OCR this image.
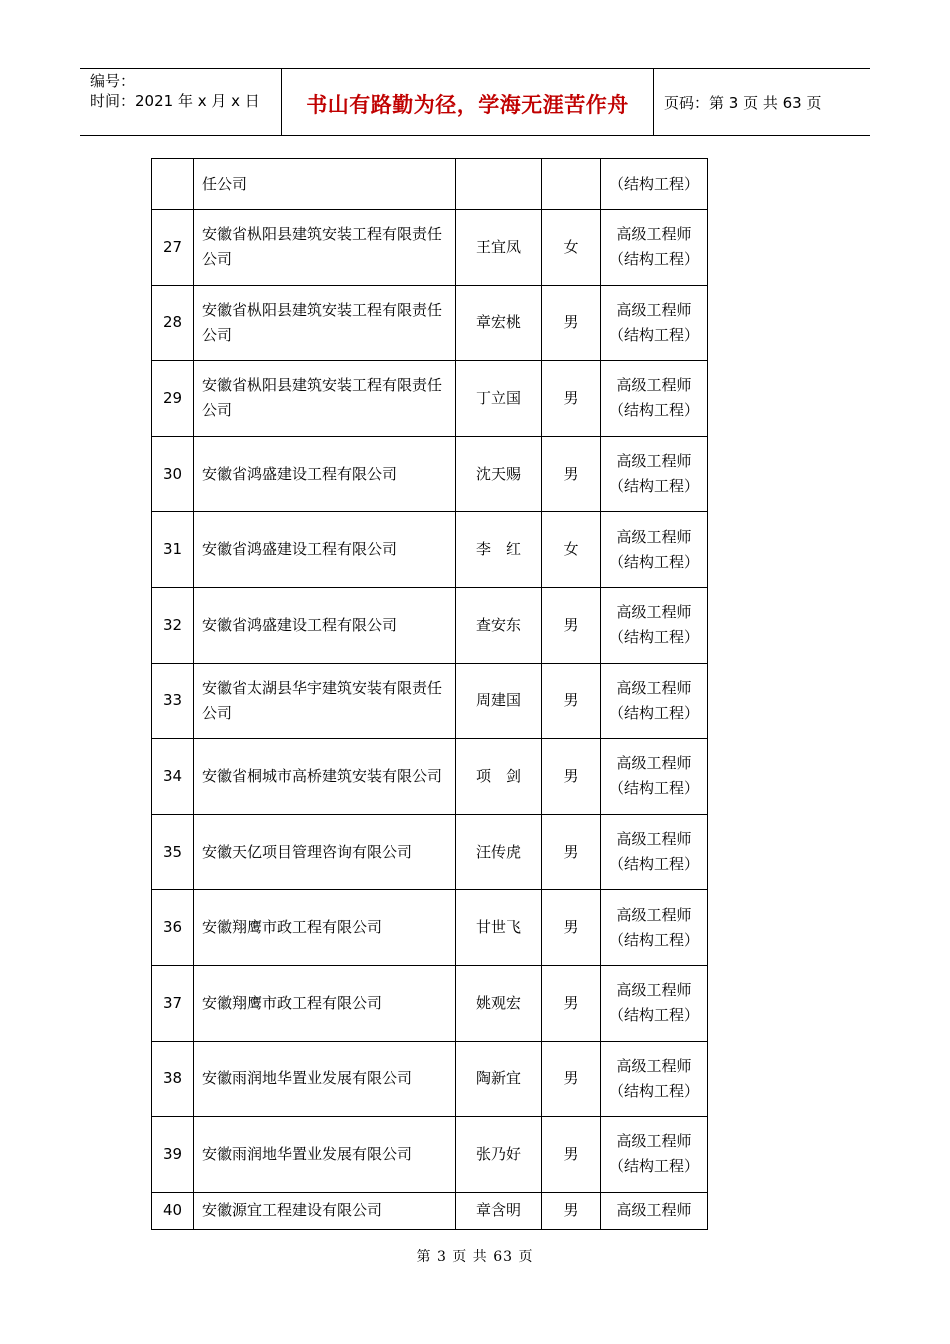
编号：
时间：2021 年 x 月 x 日	书山有路勤为径，学海无涯苦作舟	页码：第 3 页 共 63 页
	任公司			（结构工程）
27	安徽省枞阳县建筑安装工程有限责任公司	王宜凤	女	高级工程师（结构工程）
28	安徽省枞阳县建筑安装工程有限责任公司	章宏桃	男	高级工程师（结构工程）
29	安徽省枞阳县建筑安装工程有限责任公司	丁立国	男	高级工程师（结构工程）
30	安徽省鸿盛建设工程有限公司	沈天赐	男	高级工程师（结构工程）
31	安徽省鸿盛建设工程有限公司	李　红	女	高级工程师（结构工程）
32	安徽省鸿盛建设工程有限公司	查安东	男	高级工程师（结构工程）
33	安徽省太湖县华宇建筑安装有限责任公司	周建国	男	高级工程师（结构工程）
34	安徽省桐城市高桥建筑安装有限公司	项　剑	男	高级工程师（结构工程）
35	安徽天亿项目管理咨询有限公司	汪传虎	男	高级工程师（结构工程）
36	安徽翔鹰市政工程有限公司	甘世飞	男	高级工程师（结构工程）
37	安徽翔鹰市政工程有限公司	姚观宏	男	高级工程师（结构工程）
38	安徽雨润地华置业发展有限公司	陶新宜	男	高级工程师（结构工程）
39	安徽雨润地华置业发展有限公司	张乃好	男	高级工程师（结构工程）
40	安徽源宜工程建设有限公司	章含明	男	高级工程师
第 3 页 共 63 页
